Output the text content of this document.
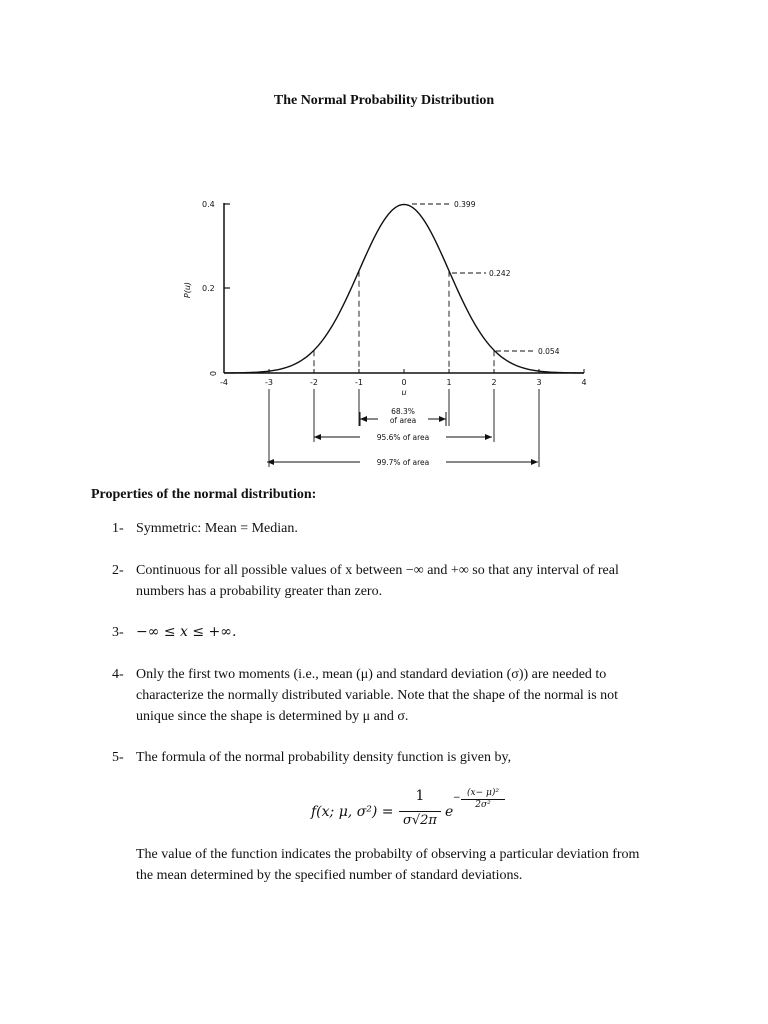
The Normal Probability Distribution
0.4
0.2
0
P(u)
-4	-3	-2	-1	0	1	2	3	4
u
0.399
0.242
0.054
68.3%
of area
95.6% of area
99.7% of area
Properties of the normal distribution:
1- Symmetric: Mean = Median.
2- Continuous for all possible values of x between −∞ and +∞ so that any interval of real
numbers has a probability greater than zero.
3- −∞ ≤ x ≤ +∞.
4- Only the first two moments (i.e., mean (μ) and standard deviation (σ)) are needed to
characterize the normally distributed variable. Note that the shape of the normal is not
unique since the shape is determined by μ and σ.
5- The formula of the normal probability density function is given by,
f(x; μ, σ²) =
1
σ√2π
e
− (x− μ)²
2σ²
The value of the function indicates the probabilty of observing a particular deviation from
the mean determined by the specified number of standard deviations.
